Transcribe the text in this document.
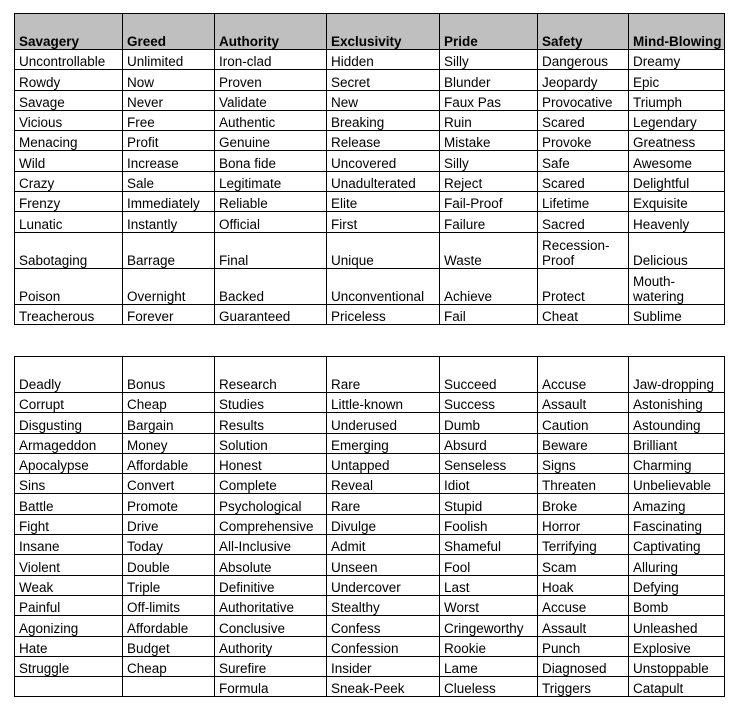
Savagery	Greed	Authority	Exclusivity	Pride	Safety	Mind-Blowing
Uncontrollable	Unlimited	Iron-clad	Hidden	Silly	Dangerous	Dreamy
Rowdy	Now	Proven	Secret	Blunder	Jeopardy	Epic
Savage	Never	Validate	New	Faux Pas	Provocative	Triumph
Vicious	Free	Authentic	Breaking	Ruin	Scared	Legendary
Menacing	Profit	Genuine	Release	Mistake	Provoke	Greatness
Wild	Increase	Bona fide	Uncovered	Silly	Safe	Awesome
Crazy	Sale	Legitimate	Unadulterated	Reject	Scared	Delightful
Frenzy	Immediately	Reliable	Elite	Fail-Proof	Lifetime	Exquisite
Lunatic	Instantly	Official	First	Failure	Sacred	Heavenly
Sabotaging	Barrage	Final	Unique	Waste	Recession-Proof	Delicious
Poison	Overnight	Backed	Unconventional	Achieve	Protect	Mouth-watering
Treacherous	Forever	Guaranteed	Priceless	Fail	Cheat	Sublime
Deadly	Bonus	Research	Rare	Succeed	Accuse	Jaw-dropping
Corrupt	Cheap	Studies	Little-known	Success	Assault	Astonishing
Disgusting	Bargain	Results	Underused	Dumb	Caution	Astounding
Armageddon	Money	Solution	Emerging	Absurd	Beware	Brilliant
Apocalypse	Affordable	Honest	Untapped	Senseless	Signs	Charming
Sins	Convert	Complete	Reveal	Idiot	Threaten	Unbelievable
Battle	Promote	Psychological	Rare	Stupid	Broke	Amazing
Fight	Drive	Comprehensive	Divulge	Foolish	Horror	Fascinating
Insane	Today	All-Inclusive	Admit	Shameful	Terrifying	Captivating
Violent	Double	Absolute	Unseen	Fool	Scam	Alluring
Weak	Triple	Definitive	Undercover	Last	Hoak	Defying
Painful	Off-limits	Authoritative	Stealthy	Worst	Accuse	Bomb
Agonizing	Affordable	Conclusive	Confess	Cringeworthy	Assault	Unleashed
Hate	Budget	Authority	Confession	Rookie	Punch	Explosive
Struggle	Cheap	Surefire	Insider	Lame	Diagnosed	Unstoppable
		Formula	Sneak-Peek	Clueless	Triggers	Catapult
